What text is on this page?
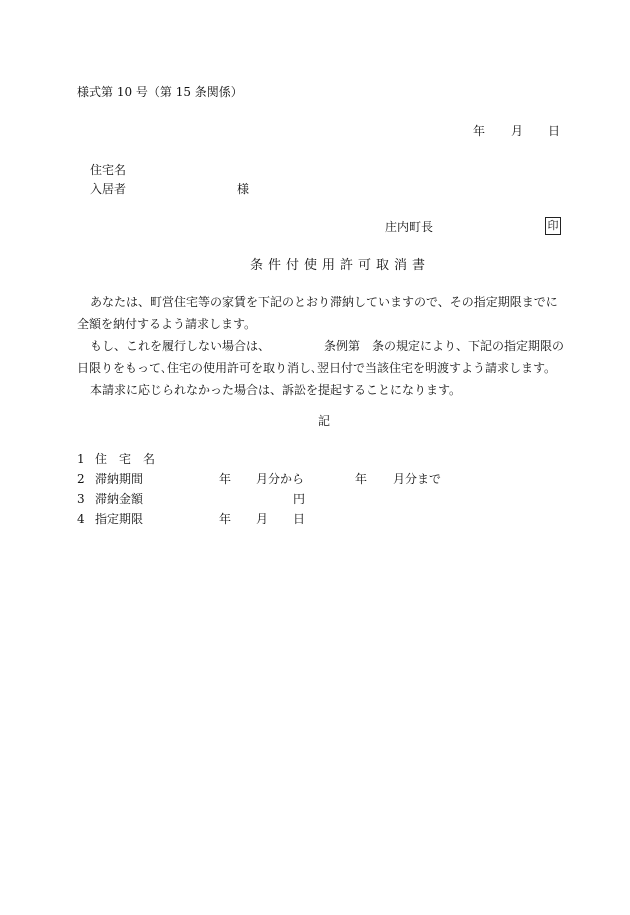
様式第 10 号（第 15 条関係）
年 月 日
住宅名
入居者	様
庄内町長	印
条件付使用許可取消書
あなたは、町営住宅等の家賃を下記のとおり滞納していますので、その指定期限までに
全額を納付するよう請求します。
もし、これを履行しない場合は、	条例第　条の規定により、下記の指定期限の
日限りをもって､住宅の使用許可を取り消し､翌日付で当該住宅を明渡すよう請求します。
本請求に応じられなかった場合は、訴訟を提起することになります。
記
1 住　宅　名
2 滞納期間	年 月分から	年 月分まで
3 滞納金額	円
4 指定期限	年 月 日
